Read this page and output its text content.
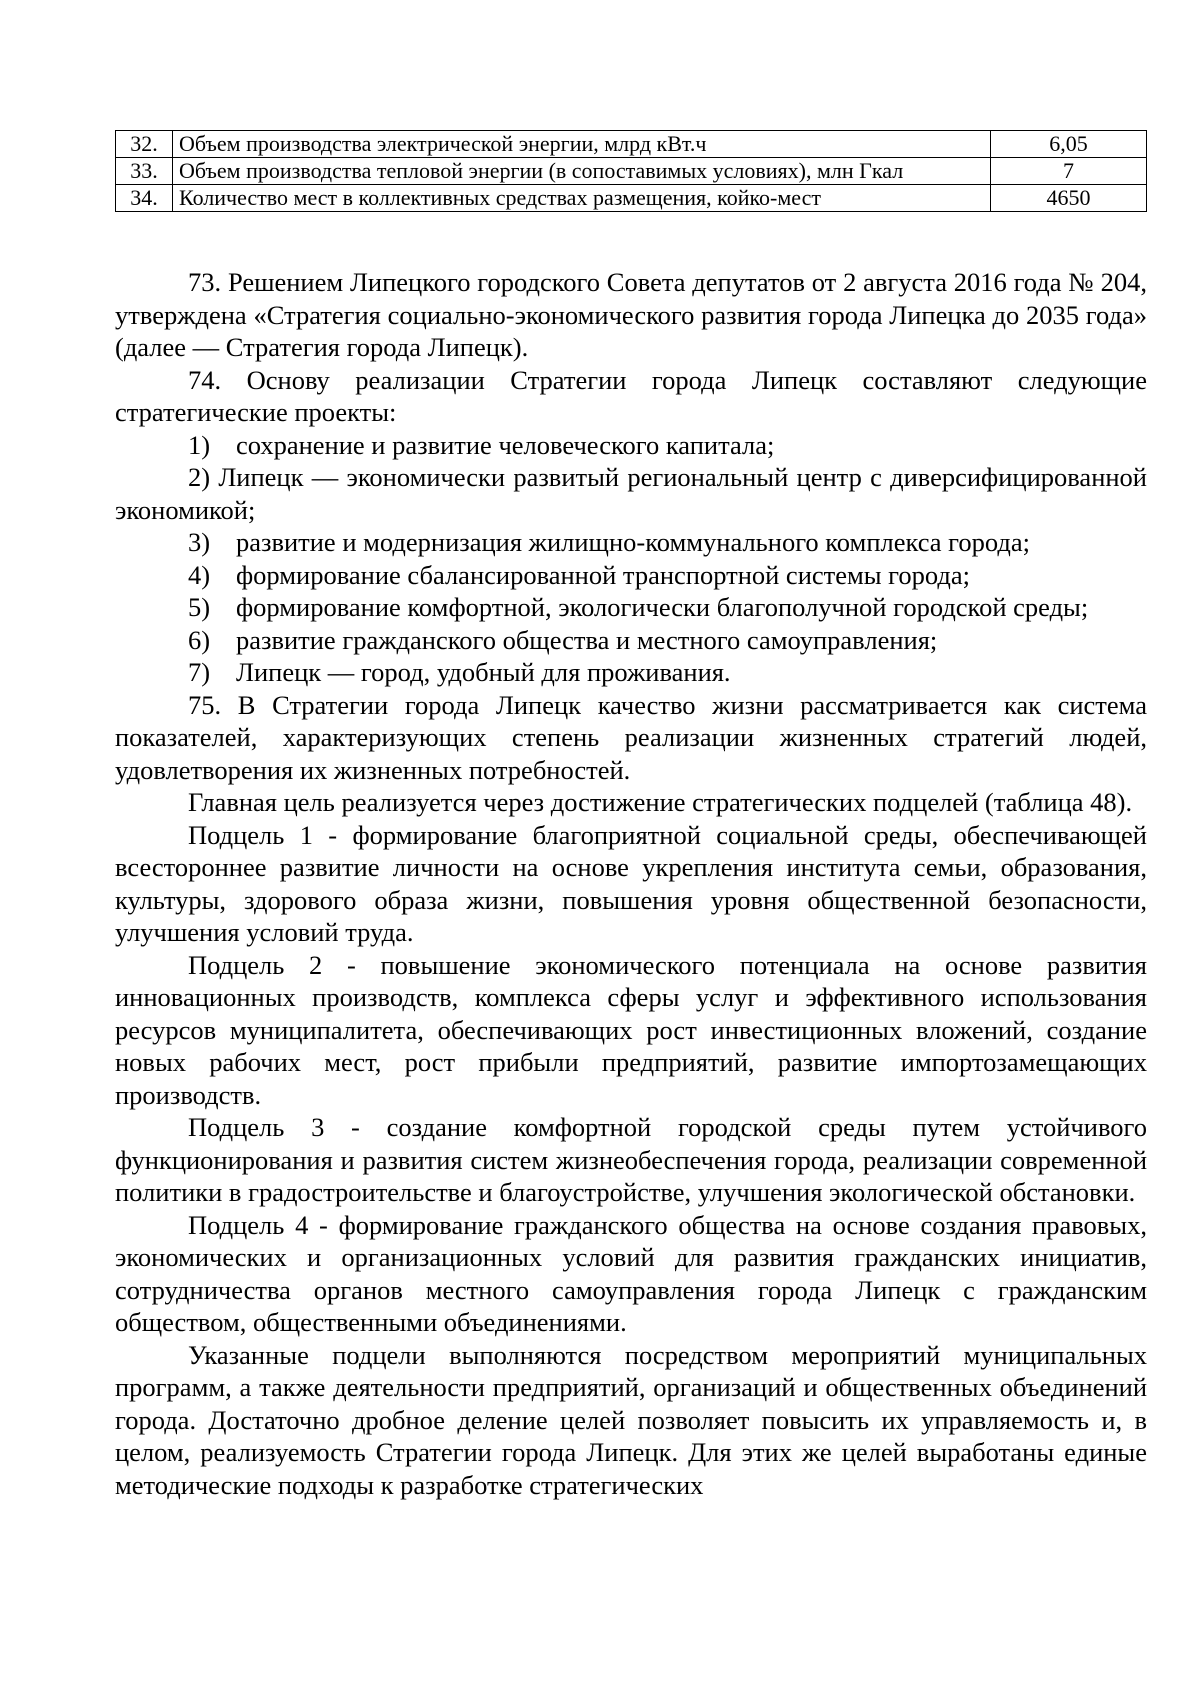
32.	Объем производства электрической энергии, млрд кВт.ч	6,05
33.	Объем производства тепловой энергии (в сопоставимых условиях), млн Гкал	7
34.	Количество мест в коллективных средствах размещения, койко-мест	4650

73. Решением Липецкого городского Совета депутатов от 2 августа 2016 года № 204, утверждена «Стратегия социально-экономического развития города Липецка до 2035 года» (далее — Стратегия города Липецк).

74. Основу реализации Стратегии города Липецк составляют следующие стратегические проекты:

1) сохранение и развитие человеческого капитала;

2) Липецк — экономически развитый региональный центр с диверсифицированной экономикой;

3) развитие и модернизация жилищно-коммунального комплекса города;

4) формирование сбалансированной транспортной системы города;

5) формирование комфортной, экологически благополучной городской среды;

6) развитие гражданского общества и местного самоуправления;

7) Липецк — город, удобный для проживания.

75. В Стратегии города Липецк качество жизни рассматривается как система показателей, характеризующих степень реализации жизненных стратегий людей, удовлетворения их жизненных потребностей.

Главная цель реализуется через достижение стратегических подцелей (таблица 48).

Подцель 1 - формирование благоприятной социальной среды, обеспечивающей всестороннее развитие личности на основе укрепления института семьи, образования, культуры, здорового образа жизни, повышения уровня общественной безопасности, улучшения условий труда.

Подцель 2 - повышение экономического потенциала на основе развития инновационных производств, комплекса сферы услуг и эффективного использования ресурсов муниципалитета, обеспечивающих рост инвестиционных вложений, создание новых рабочих мест, рост прибыли предприятий, развитие импортозамещающих производств.

Подцель 3 - создание комфортной городской среды путем устойчивого функционирования и развития систем жизнеобеспечения города, реализации современной политики в градостроительстве и благоустройстве, улучшения экологической обстановки.

Подцель 4 - формирование гражданского общества на основе создания правовых, экономических и организационных условий для развития гражданских инициатив, сотрудничества органов местного самоуправления города Липецк с гражданским обществом, общественными объединениями.

Указанные подцели выполняются посредством мероприятий муниципальных программ, а также деятельности предприятий, организаций и общественных объединений города. Достаточно дробное деление целей позволяет повысить их управляемость и, в целом, реализуемость Стратегии города Липецк. Для этих же целей выработаны единые методические подходы к разработке стратегических
